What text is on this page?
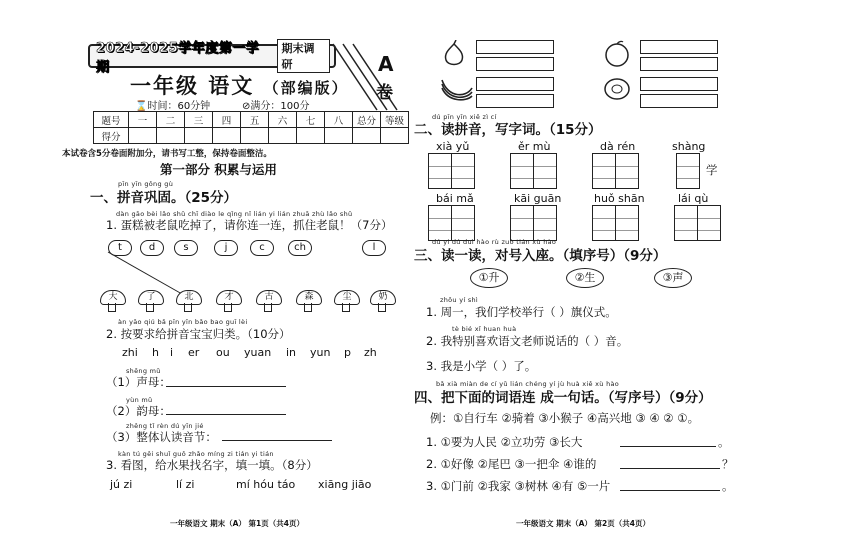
2024-2025学年度第一学期
期末调研
一年级 语文 （部编版）
A
卷
⌛时间：60分钟	⊘满分：100分
题号	一	二	三	四	五	六	七	八	总分	等级
得分										
本试卷含5分卷面附加分，请书写工整，保持卷面整洁。
第一部分 积累与运用
pīn yīn gǒng gù
一、拼音巩固。（25分）
dàn gāo bèi lǎo shǔ chī diào le qǐng nǐ lián yi lián zhuā zhù lǎo shǔ
1. 蛋糕被老鼠吃掉了，请你连一连，抓住老鼠！（7分）
t	d	s	j	c	ch	l
大	了	北	才	古	森	尘	奶
àn yāo qiú bǎ pīn yīn bǎo bao guī lèi
2. 按要求给拼音宝宝归类。（10分）
zhi h i er ou yuan in yun p zh
shēng mǔ
（1）声母：
yùn mǔ
（2）韵母：
zhěng tǐ rèn dú yīn jié
（3）整体认读音节：
kàn tú gěi shuǐ guǒ zhǎo míng zi tián yi tián
3. 看图，给水果找名字，填一填。（8分）
jú zi	lí zi	mí hóu táo xiāng jiāo
一年级语文 期末（A） 第1页（共4页）
dú pīn yīn xiě zì cí
二、读拼音，写字词。（15分）
xià yǔ	ěr mù	dà rén	shàng
学
bái mǎ	kāi guān	huǒ shān	lái qù
dú yi dú duì hào rù zuò tián xù hào
三、读一读，对号入座。（填序号）（9分）
①升	②生	③声
zhōu yí shì
1. 周一，我们学校举行（ ）旗仪式。
tè bié xǐ huan huà
2. 我特别喜欢语文老师说话的（ ）音。
3. 我是小学（ ）了。
bǎ xià miàn de cí yǔ lián chéng yí jù huà xiě xù hào
四、把下面的词语连 成一句话。（写序号）（9分）
例：①自行车 ②骑着 ③小猴子 ④高兴地 ③ ④ ② ①。
1. ①要为人民 ②立功劳 ③长大	。
2. ①好像 ②尾巴 ③一把伞 ④谁的	？
3. ①门前 ②我家 ③树林 ④有 ⑤一片	。
一年级语文 期末（A） 第2页（共4页）
